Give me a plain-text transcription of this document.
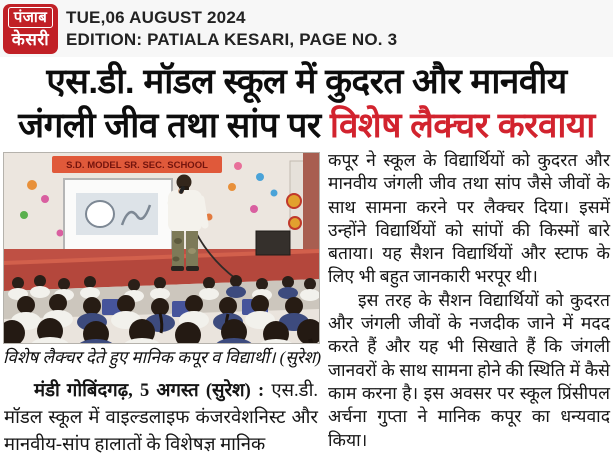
पंजाब
केसरी
TUE,06 AUGUST 2024
EDITION: PATIALA KESARI, PAGE NO. 3
एस.डी. मॉडल स्कूल में कुदरत और मानवीय
जंगली जीव तथा सांप पर विशेष लैक्चर करवाया
S.D. MODEL SR. SEC. SCHOOL
विशेष लैक्चर देते हुए मानिक कपूर व विद्यार्थी। (सुरेश)

मंडी गोबिंदगढ़, 5 अगस्त (सुरेश) : एस.डी. मॉडल स्कूल में वाइल्डलाइफ कंजरवेशनिस्ट और मानवीय-सांप हालातों के विशेषज्ञ मानिक

कपूर ने स्कूल के विद्यार्थियों को कुदरत और मानवीय जंगली जीव तथा सांप जैसे जीवों के साथ सामना करने पर लैक्चर दिया। इसमें उन्होंने विद्यार्थियों को सांपों की किस्मों बारे बताया। यह सैशन विद्यार्थियों और स्टाफ के लिए भी बहुत जानकारी भरपूर थी।

इस तरह के सैशन विद्यार्थियों को कुदरत और जंगली जीवों के नजदीक जाने में मदद करते हैं और यह भी सिखाते हैं कि जंगली जानवरों के साथ सामना होने की स्थिति में कैसे काम करना है। इस अवसर पर स्कूल प्रिंसीपल अर्चना गुप्ता ने मानिक कपूर का धन्यवाद किया।
